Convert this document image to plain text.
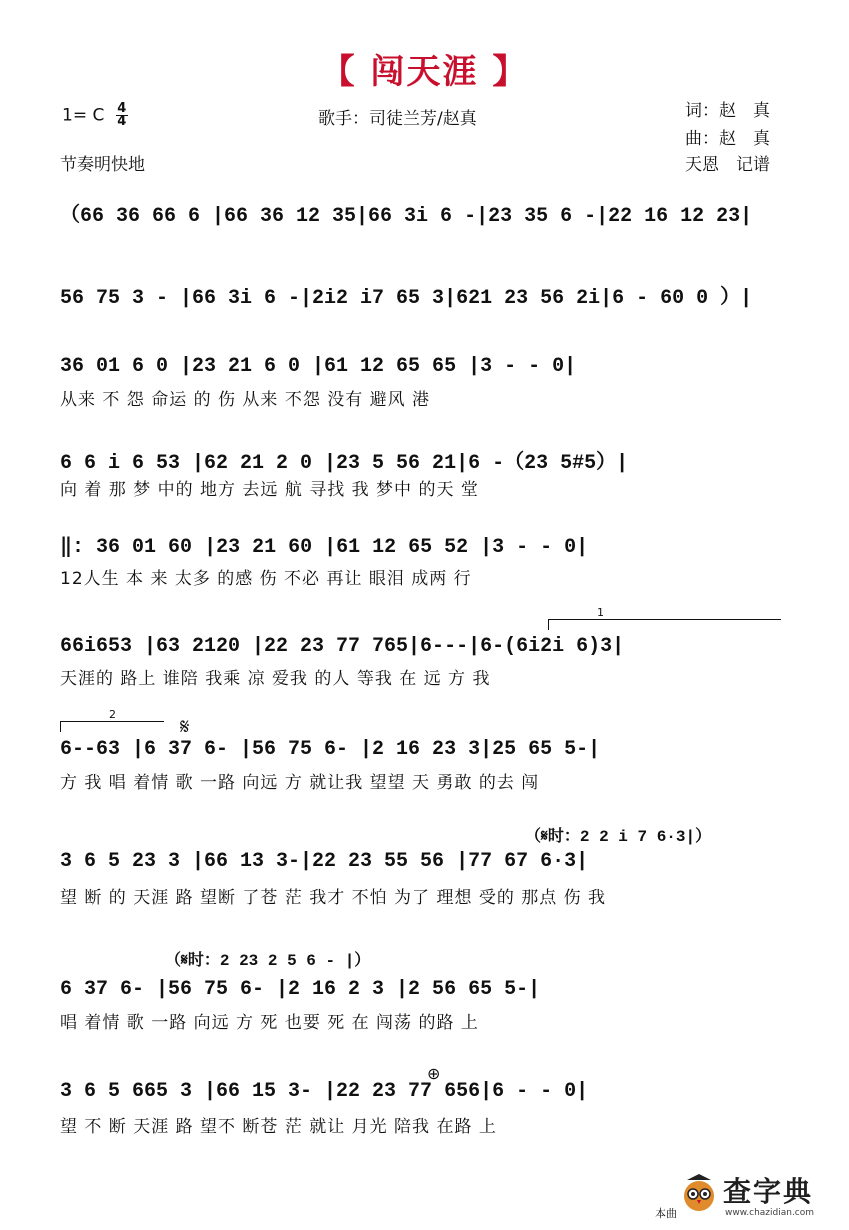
【 闯天涯 】
1= C $\frac{4}{4}$
节奏明快地
歌手：司徒兰芳/赵真	词：赵　真
曲：赵　真
天恩　记谱
（66 36 66 6 |66 36 12 35|66 3i 6 -|23 35 6 -|22 16 12 23|
56 75 3 - |66 3i 6 -|2i2 i7 65 3|621 23 56 2i|6 - 60 0 ）|
36 01 6 0 |23 21 6 0 |61 12 65 65 |3 - - 0|
从来 不 怨 命运 的 伤 从来 不怨 没有 避风 港
6 6 i 6 53 |62 21 2 0 |23 5 56 21|6 -（23 5#5）|
向 着 那 梦 中的 地方 去远 航 寻找 我 梦中 的天 堂
‖: 36 01 60 |23 21 60 |61 12 65 52 |3 - - 0|
12人生 本 来 太多 的感 伤 不必 再让 眼泪 成两 行
1
66i653 |63 2120 |22 23 77 765|6---|6-(6i2i 6)3|
天涯的 路上 谁陪 我乘 凉 爱我 的人 等我 在 远 方 我
2
𝄋
6--63 |6 37 6- |56 75 6- |2 16 23 3|25 65 5-|
方 我 唱 着情 歌 一路 向远 方 就让我 望望 天 勇敢 的去 闯
（𝄋时：2 2 i 7 6·3|）
3 6 5 23 3 |66 13 3-|22 23 55 56 |77 67 6·3|
望 断 的 天涯 路 望断 了苍 茫 我才 不怕 为了 理想 受的 那点 伤 我
（𝄋时：2 23 2 5 6 - |）
6 37 6- |56 75 6- |2 16 2 3 |2 56 65 5-|
唱 着情 歌 一路 向远 方 死 也要 死 在 闯荡 的路 上
⊕
3 6 5 665 3 |66 15 3- |22 23 77 656|6 - - 0|
望 不 断 天涯 路 望不 断苍 茫 就让 月光 陪我 在路 上
本曲
查字典
www.chazidian.com
